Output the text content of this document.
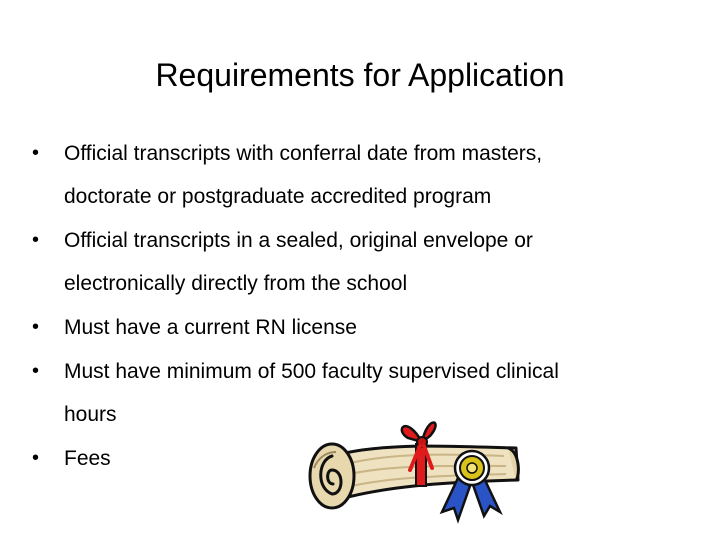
Requirements for Application
•	Official transcripts with conferral date from masters,
doctorate or postgraduate accredited program
•	Official transcripts in a sealed, original envelope or
electronically directly from the school
•	Must have a current RN license
•	Must have minimum of 500 faculty supervised clinical
hours
•	Fees
